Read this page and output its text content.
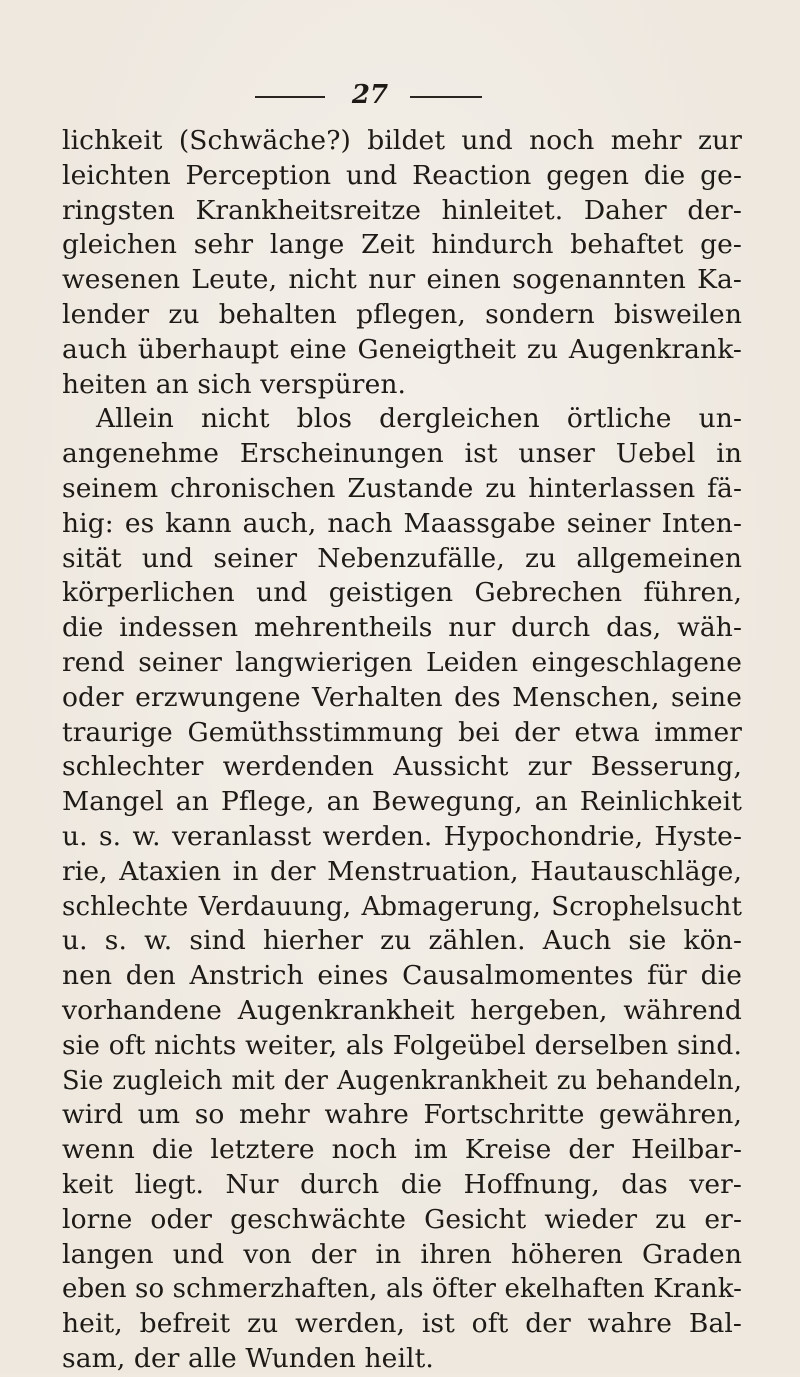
27
lichkeit (Schwäche?) bildet und noch mehr zur
leichten Perception und Reaction gegen die ge-
ringsten Krankheitsreitze hinleitet. Daher der-
gleichen sehr lange Zeit hindurch behaftet ge-
wesenen Leute, nicht nur einen sogenannten Ka-
lender zu behalten pflegen, sondern bisweilen
auch überhaupt eine Geneigtheit zu Augenkrank-
heiten an sich verspüren.
Allein nicht blos dergleichen örtliche un-
angenehme Erscheinungen ist unser Uebel in
seinem chronischen Zustande zu hinterlassen fä-
hig: es kann auch, nach Maassgabe seiner Inten-
sität und seiner Nebenzufälle, zu allgemeinen
körperlichen und geistigen Gebrechen führen,
die indessen mehrentheils nur durch das, wäh-
rend seiner langwierigen Leiden eingeschlagene
oder erzwungene Verhalten des Menschen, seine
traurige Gemüthsstimmung bei der etwa immer
schlechter werdenden Aussicht zur Besserung,
Mangel an Pflege, an Bewegung, an Reinlichkeit
u. s. w. veranlasst werden. Hypochondrie, Hyste-
rie, Ataxien in der Menstruation, Hautauschläge,
schlechte Verdauung, Abmagerung, Scrophelsucht
u. s. w. sind hierher zu zählen. Auch sie kön-
nen den Anstrich eines Causalmomentes für die
vorhandene Augenkrankheit hergeben, während
sie oft nichts weiter, als Folgeübel derselben sind.
Sie zugleich mit der Augenkrankheit zu behandeln,
wird um so mehr wahre Fortschritte gewähren,
wenn die letztere noch im Kreise der Heilbar-
keit liegt. Nur durch die Hoffnung, das ver-
lorne oder geschwächte Gesicht wieder zu er-
langen und von der in ihren höheren Graden
eben so schmerzhaften, als öfter ekelhaften Krank-
heit, befreit zu werden, ist oft der wahre Bal-
sam, der alle Wunden heilt.
